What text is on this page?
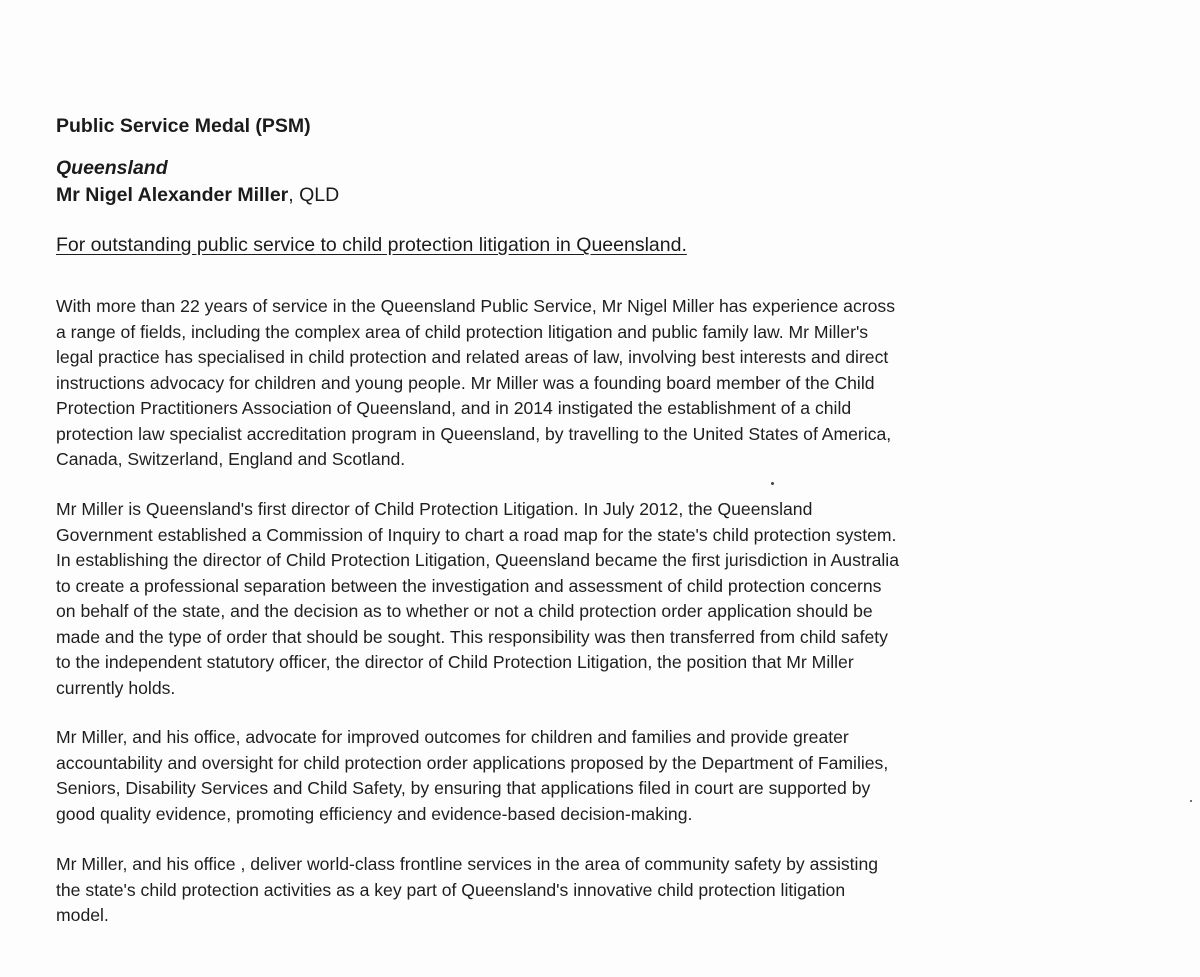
Public Service Medal (PSM)
Queensland

Mr Nigel Alexander Miller, QLD

For outstanding public service to child protection litigation in Queensland.

With more than 22 years of service in the Queensland Public Service, Mr Nigel Miller has experience across
a range of fields, including the complex area of child protection litigation and public family law. Mr Miller's
legal practice has specialised in child protection and related areas of law, involving best interests and direct
instructions advocacy for children and young people. Mr Miller was a founding board member of the Child
Protection Practitioners Association of Queensland, and in 2014 instigated the establishment of a child
protection law specialist accreditation program in Queensland, by travelling to the United States of America,
Canada, Switzerland, England and Scotland.

Mr Miller is Queensland's first director of Child Protection Litigation. In July 2012, the Queensland
Government established a Commission of Inquiry to chart a road map for the state's child protection system.
In establishing the director of Child Protection Litigation, Queensland became the first jurisdiction in Australia
to create a professional separation between the investigation and assessment of child protection concerns
on behalf of the state, and the decision as to whether or not a child protection order application should be
made and the type of order that should be sought. This responsibility was then transferred from child safety
to the independent statutory officer, the director of Child Protection Litigation, the position that Mr Miller
currently holds.

Mr Miller, and his office, advocate for improved outcomes for children and families and provide greater
accountability and oversight for child protection order applications proposed by the Department of Families,
Seniors, Disability Services and Child Safety, by ensuring that applications filed in court are supported by
good quality evidence, promoting efficiency and evidence-based decision-making.

Mr Miller, and his office , deliver world-class frontline services in the area of community safety by assisting
the state's child protection activities as a key part of Queensland's innovative child protection litigation
model.
